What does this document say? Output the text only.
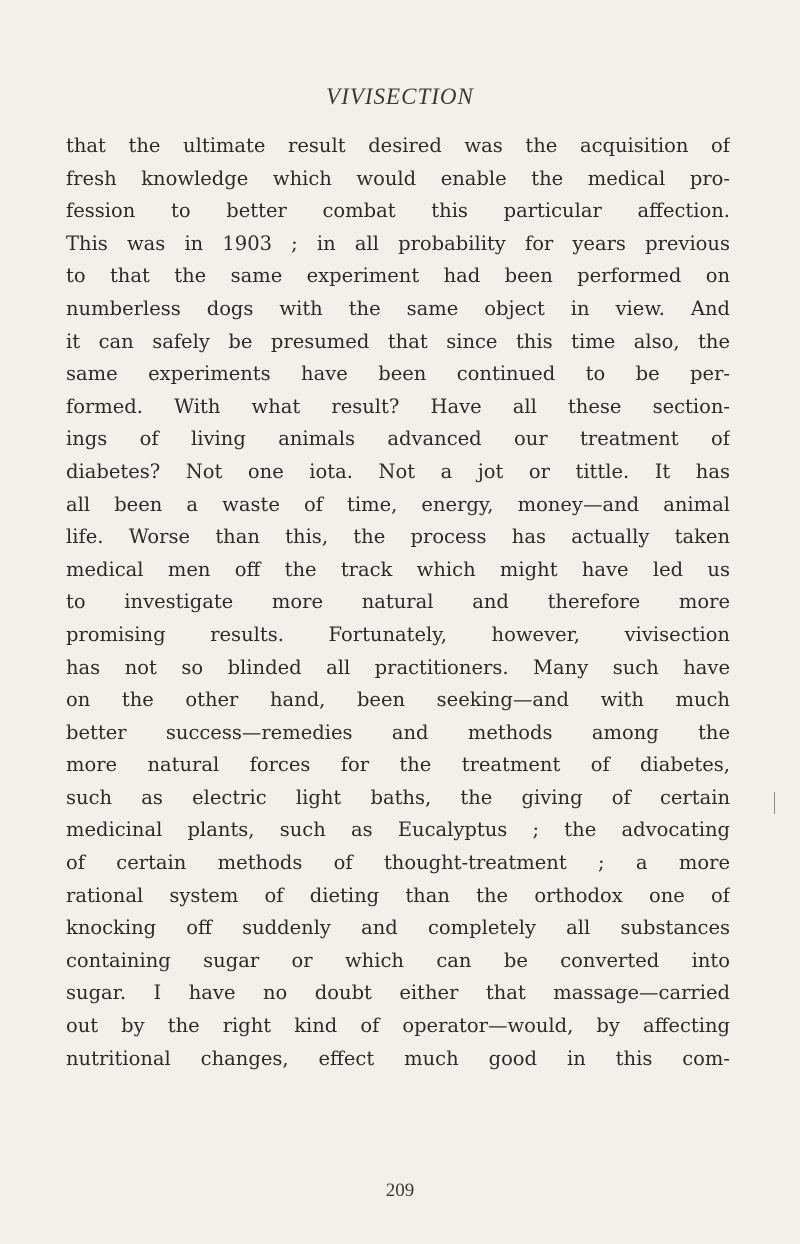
VIVISECTION
that the ultimate result desired was the acquisition of
fresh knowledge which would enable the medical pro-
fession to better combat this particular affection.
This was in 1903 ; in all probability for years previous
to that the same experiment had been performed on
numberless dogs with the same object in view. And
it can safely be presumed that since this time also, the
same experiments have been continued to be per-
formed. With what result? Have all these section-
ings of living animals advanced our treatment of
diabetes? Not one iota. Not a jot or tittle. It has
all been a waste of time, energy, money—and animal
life. Worse than this, the process has actually taken
medical men off the track which might have led us
to investigate more natural and therefore more
promising results. Fortunately, however, vivisection
has not so blinded all practitioners. Many such have
on the other hand, been seeking—and with much
better success—remedies and methods among the
more natural forces for the treatment of diabetes,
such as electric light baths, the giving of certain
medicinal plants, such as Eucalyptus ; the advocating
of certain methods of thought-treatment ; a more
rational system of dieting than the orthodox one of
knocking off suddenly and completely all substances
containing sugar or which can be converted into
sugar. I have no doubt either that massage—carried
out by the right kind of operator—would, by affecting
nutritional changes, effect much good in this com-
209
